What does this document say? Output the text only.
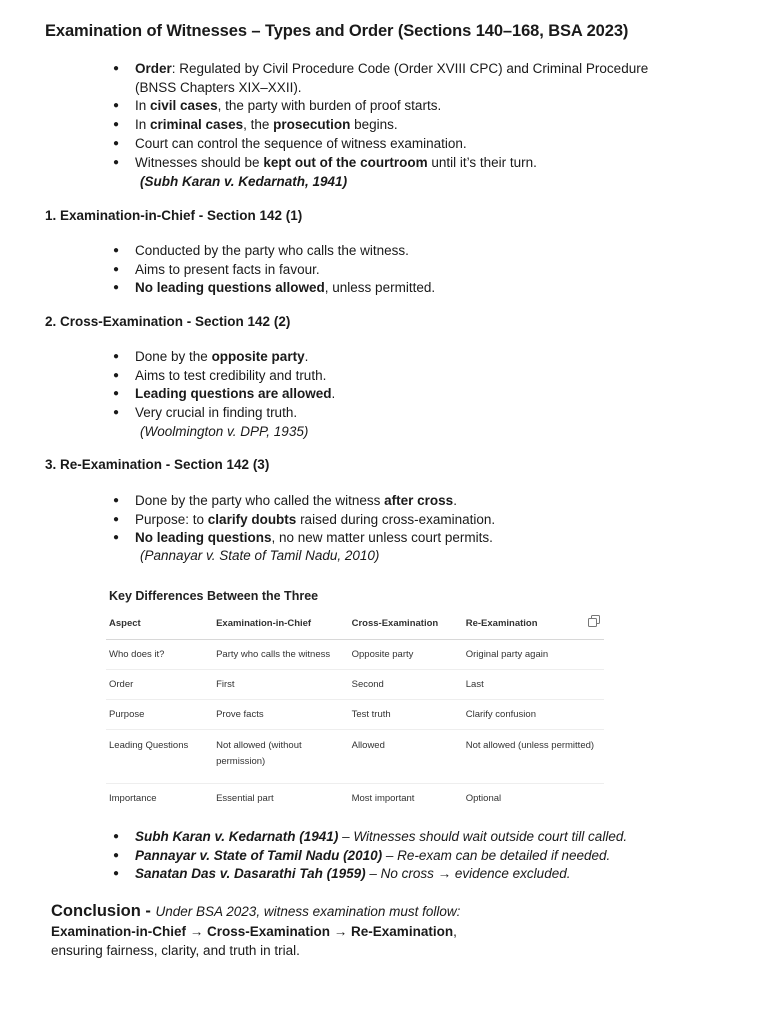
Examination of Witnesses – Types and Order (Sections 140–168, BSA 2023)
● Order: Regulated by Civil Procedure Code (Order XVIII CPC) and Criminal Procedure (BNSS Chapters XIX–XXII).
● In civil cases, the party with burden of proof starts.
● In criminal cases, the prosecution begins.
● Court can control the sequence of witness examination.
● Witnesses should be kept out of the courtroom until it’s their turn.
(Subh Karan v. Kedarnath, 1941)
1. Examination-in-Chief - Section 142 (1)
● Conducted by the party who calls the witness.
● Aims to present facts in favour.
● No leading questions allowed, unless permitted.
2. Cross-Examination - Section 142 (2)
● Done by the opposite party.
● Aims to test credibility and truth.
● Leading questions are allowed.
● Very crucial in finding truth.
(Woolmington v. DPP, 1935)
3. Re-Examination - Section 142 (3)
● Done by the party who called the witness after cross.
● Purpose: to clarify doubts raised during cross-examination.
● No leading questions, no new matter unless court permits.
(Pannayar v. State of Tamil Nadu, 2010)
Key Differences Between the Three
Aspect	Examination-in-Chief	Cross-Examination	Re-Examination
Who does it?	Party who calls the witness	Opposite party	Original party again
Order	First	Second	Last
Purpose	Prove facts	Test truth	Clarify confusion
Leading Questions	Not allowed (without permission)	Allowed	Not allowed (unless permitted)
Importance	Essential part	Most important	Optional
● Subh Karan v. Kedarnath (1941) – Witnesses should wait outside court till called.
● Pannayar v. State of Tamil Nadu (2010) – Re-exam can be detailed if needed.
● Sanatan Das v. Dasarathi Tah (1959) – No cross → evidence excluded.
Conclusion - Under BSA 2023, witness examination must follow:
Examination-in-Chief → Cross-Examination → Re-Examination,
ensuring fairness, clarity, and truth in trial.
